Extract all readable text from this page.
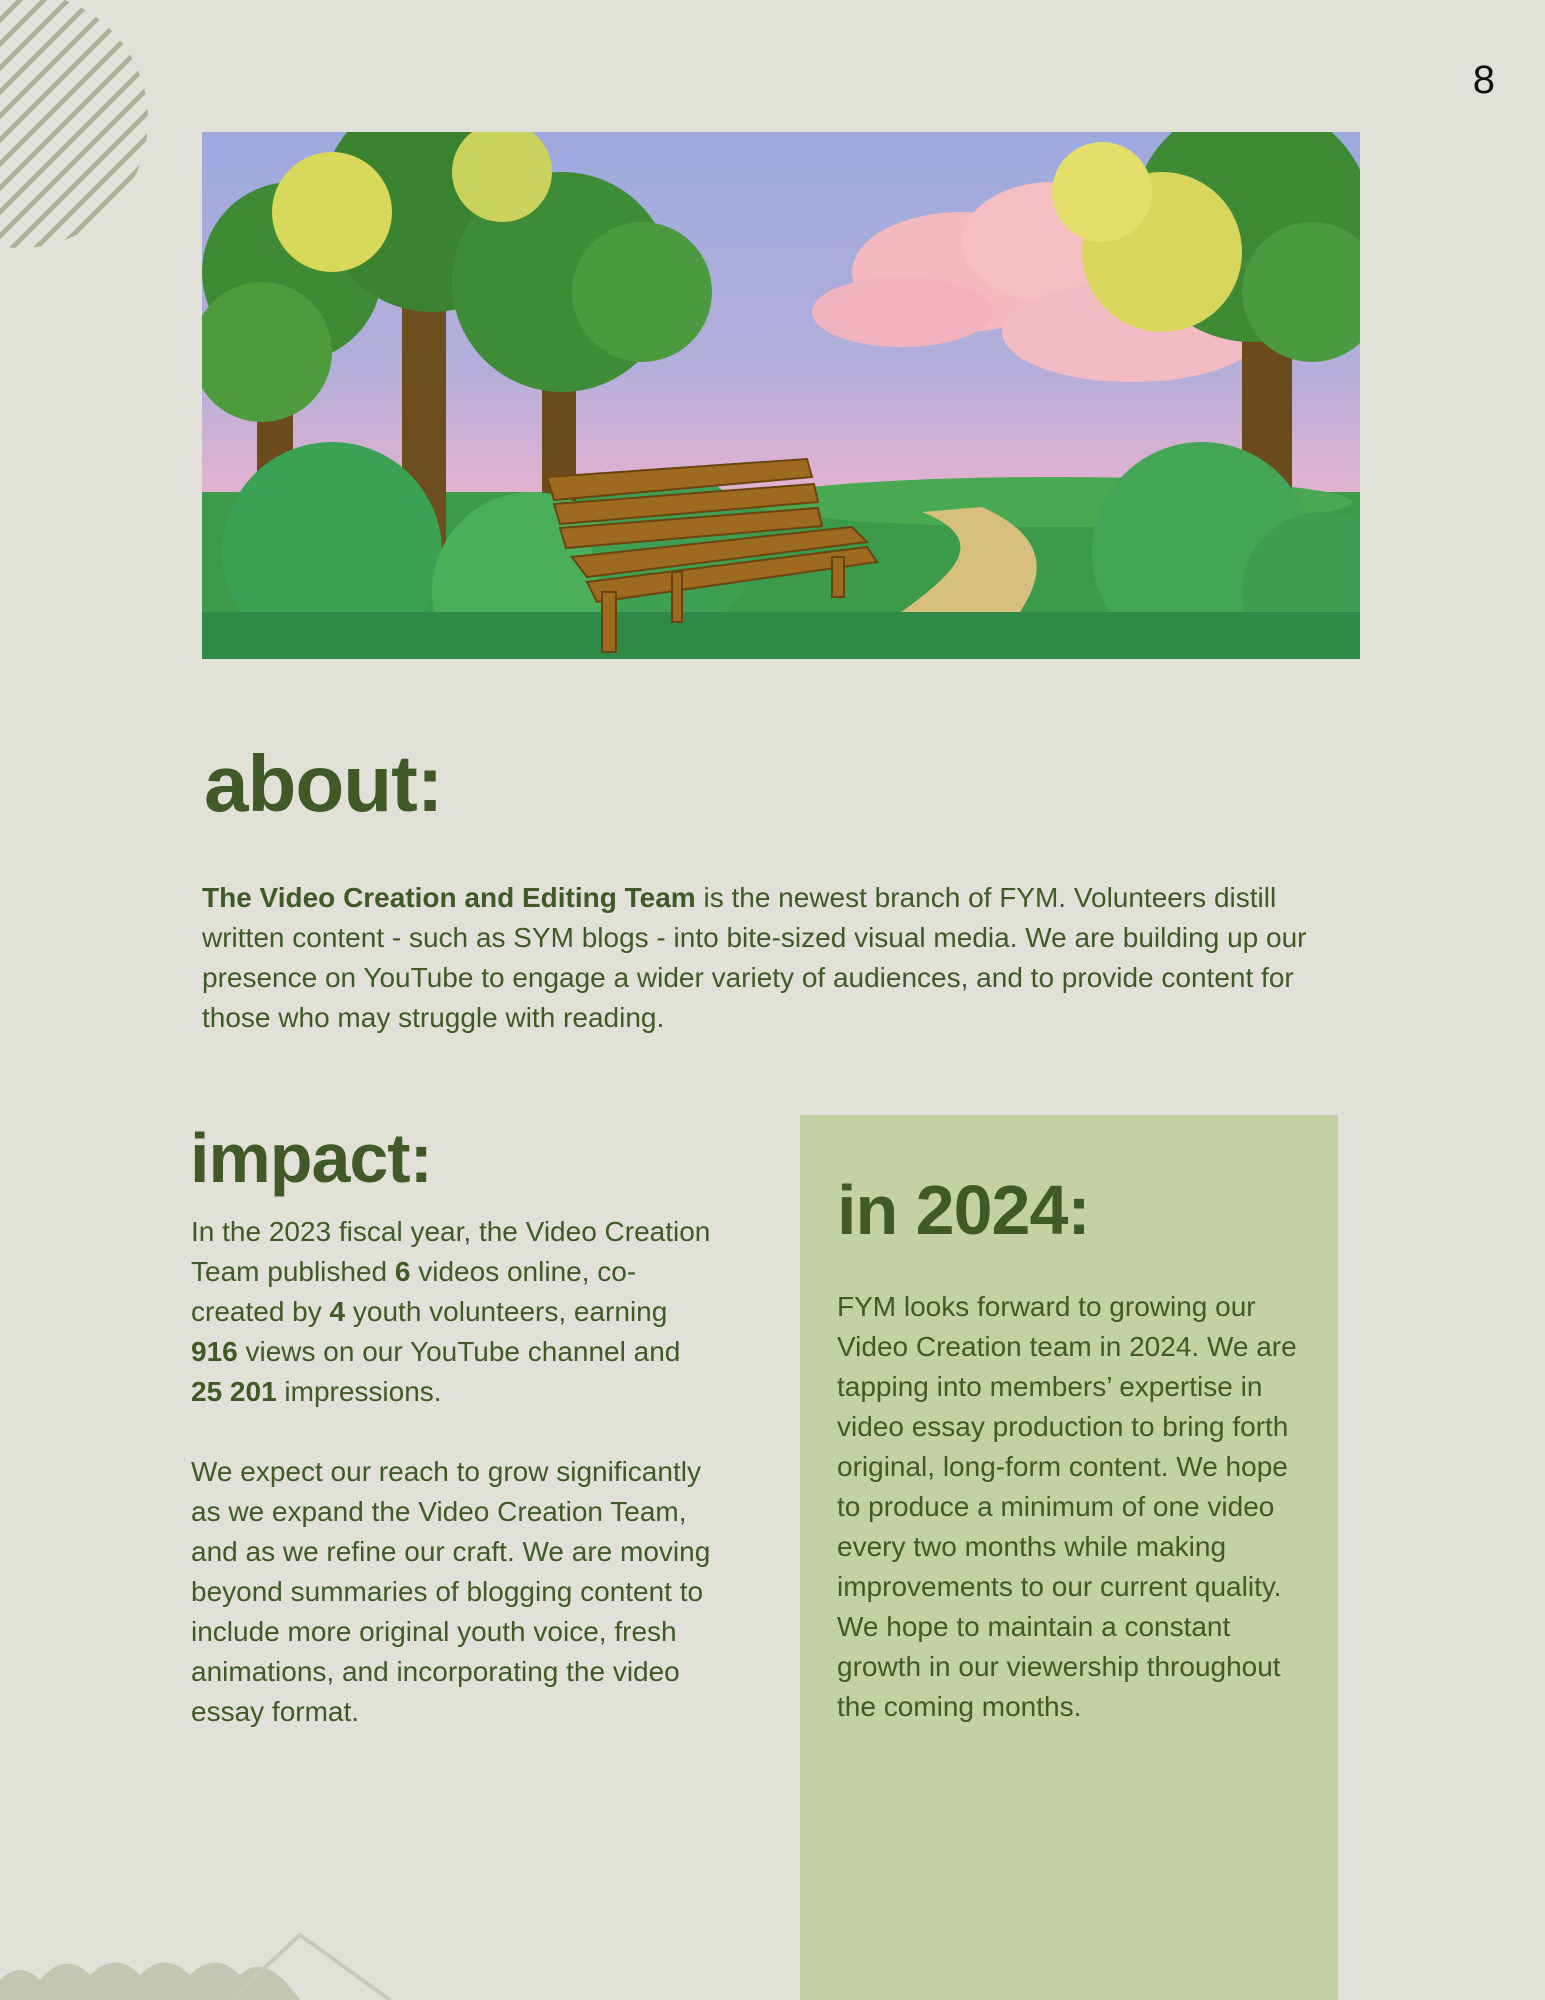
8
about:
The Video Creation and Editing Team is the newest branch of FYM. Volunteers distill written content - such as SYM blogs - into bite-sized visual media. We are building up our presence on YouTube to engage a wider variety of audiences, and to provide content for those who may struggle with reading.
impact:

In the 2023 fiscal year, the Video Creation Team published 6 videos online, co-created by 4 youth volunteers, earning 916 views on our YouTube channel and 25 201 impressions.

We expect our reach to grow significantly as we expand the Video Creation Team, and as we refine our craft. We are moving beyond summaries of blogging content to include more original youth voice, fresh animations, and incorporating the video essay format.

in 2024:

FYM looks forward to growing our Video Creation team in 2024. We are tapping into members’ expertise in video essay production to bring forth original, long-form content. We hope to produce a minimum of one video every two months while making improvements to our current quality. We hope to maintain a constant growth in our viewership throughout the coming months.
